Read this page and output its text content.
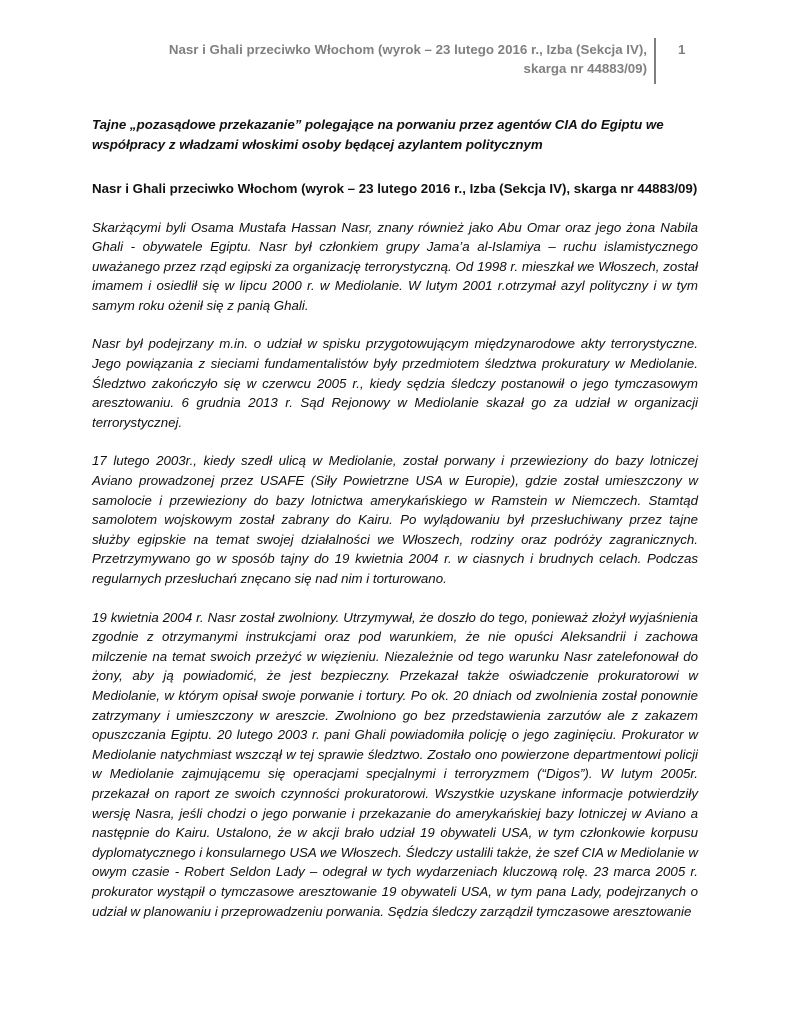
Nasr i Ghali przeciwko Włochom (wyrok – 23 lutego 2016 r., Izba (Sekcja IV),
skarga nr 44883/09)
1

Tajne „pozasądowe przekazanie” polegające na porwaniu przez agentów CIA do Egiptu we współpracy z władzami włoskimi osoby będącej azylantem politycznym

Nasr i Ghali przeciwko Włochom (wyrok – 23 lutego 2016 r., Izba (Sekcja IV), skarga nr 44883/09)

Skarżącymi byli Osama Mustafa Hassan Nasr, znany również jako Abu Omar oraz jego żona Nabila Ghali - obywatele Egiptu. Nasr był członkiem grupy Jama’a al-Islamiya – ruchu islamistycznego uważanego przez rząd egipski za organizację terrorystyczną. Od 1998 r. mieszkał we Włoszech, został imamem i osiedlił się w lipcu 2000 r. w Mediolanie. W lutym 2001 r.otrzymał azyl polityczny i w tym samym roku ożenił się z panią Ghali.

Nasr był podejrzany m.in. o udział w spisku przygotowującym międzynarodowe akty terrorystyczne. Jego powiązania z sieciami fundamentalistów były przedmiotem śledztwa prokuratury w Mediolanie. Śledztwo zakończyło się w czerwcu 2005 r., kiedy sędzia śledczy postanowił o jego tymczasowym aresztowaniu. 6 grudnia 2013 r. Sąd Rejonowy w Mediolanie skazał go za udział w organizacji terrorystycznej.

17 lutego 2003r., kiedy szedł ulicą w Mediolanie, został porwany i przewieziony do bazy lotniczej Aviano prowadzonej przez USAFE (Siły Powietrzne USA w Europie), gdzie został umieszczony w samolocie i przewieziony do bazy lotnictwa amerykańskiego w Ramstein w Niemczech. Stamtąd samolotem wojskowym został zabrany do Kairu. Po wylądowaniu był przesłuchiwany przez tajne służby egipskie na temat swojej działalności we Włoszech, rodziny oraz podróży zagranicznych. Przetrzymywano go w sposób tajny do 19 kwietnia 2004 r. w ciasnych i brudnych celach. Podczas regularnych przesłuchań znęcano się nad nim i torturowano.

19 kwietnia 2004 r. Nasr został zwolniony. Utrzymywał, że doszło do tego, ponieważ złożył wyjaśnienia zgodnie z otrzymanymi instrukcjami oraz pod warunkiem, że nie opuści Aleksandrii i zachowa milczenie na temat swoich przeżyć w więzieniu. Niezależnie od tego warunku Nasr zatelefonował do żony, aby ją powiadomić, że jest bezpieczny. Przekazał także oświadczenie prokuratorowi w Mediolanie, w którym opisał swoje porwanie i tortury. Po ok. 20 dniach od zwolnienia został ponownie zatrzymany i umieszczony w areszcie. Zwolniono go bez przedstawienia zarzutów ale z zakazem opuszczania Egiptu. 20 lutego 2003 r. pani Ghali powiadomiła policję o jego zaginięciu. Prokurator w Mediolanie natychmiast wszczął w tej sprawie śledztwo. Zostało ono powierzone departmentowi policji w Mediolanie zajmującemu się operacjami specjalnymi i terroryzmem (“Digos”). W lutym 2005r. przekazał on raport ze swoich czynności prokuratorowi. Wszystkie uzyskane informacje potwierdziły wersję Nasra, jeśli chodzi o jego porwanie i przekazanie do amerykańskiej bazy lotniczej w Aviano a następnie do Kairu. Ustalono, że w akcji brało udział 19 obywateli USA, w tym członkowie korpusu dyplomatycznego i konsularnego USA we Włoszech. Śledczy ustalili także, że szef CIA w Mediolanie w owym czasie - Robert Seldon Lady – odegrał w tych wydarzeniach kluczową rolę. 23 marca 2005 r. prokurator wystąpił o tymczasowe aresztowanie 19 obywateli USA, w tym pana Lady, podejrzanych o udział w planowaniu i przeprowadzeniu porwania. Sędzia śledczy zarządził tymczasowe aresztowanie
